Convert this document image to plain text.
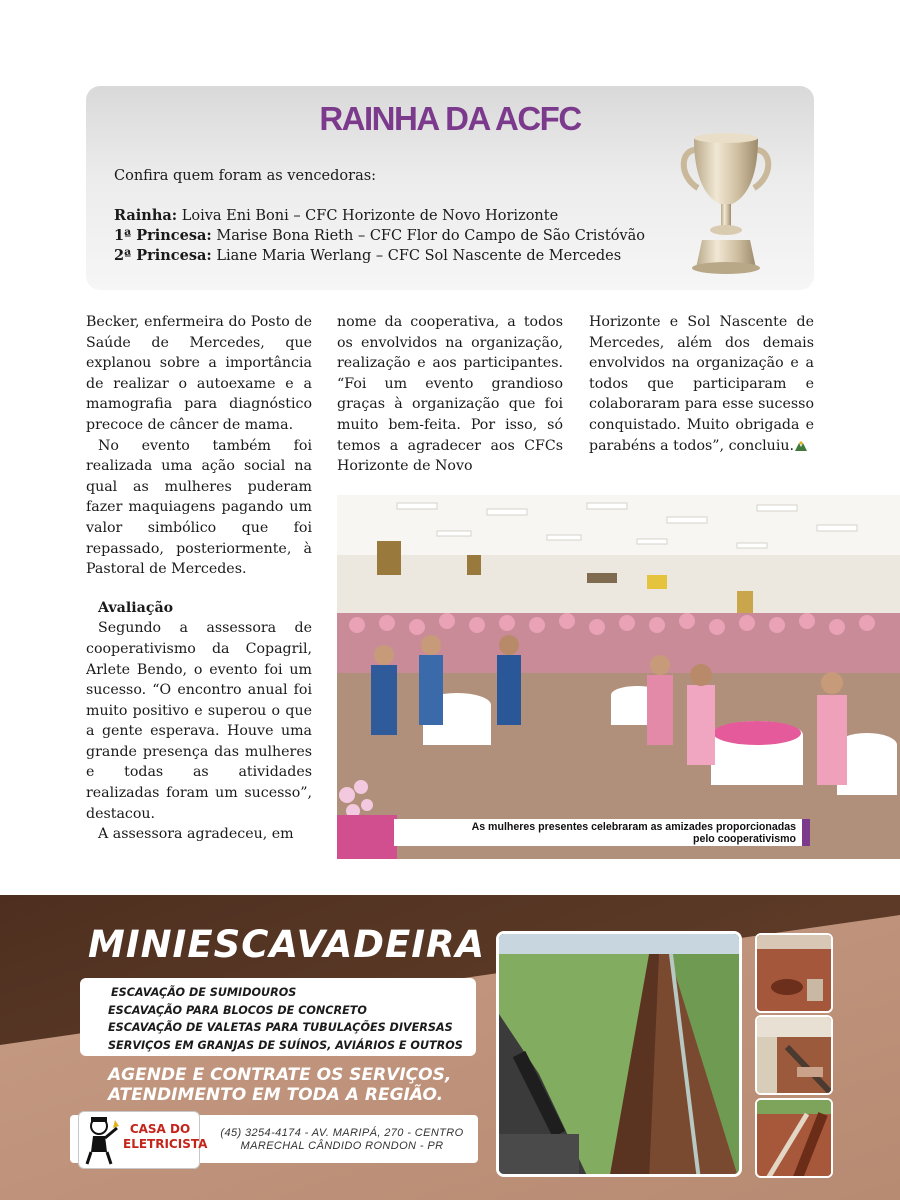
RAINHA DA ACFC

Confira quem foram as vencedoras:

Rainha: Loiva Eni Boni – CFC Horizonte de Novo Horizonte
1ª Princesa: Marise Bona Rieth – CFC Flor do Campo de São Cristóvão
2ª Princesa: Liane Maria Werlang – CFC Sol Nascente de Mercedes

Becker, enfermeira do Posto de Saúde de Mercedes, que explanou sobre a importância de realizar o autoexame e a mamografia para diagnóstico precoce de câncer de mama.

No evento também foi realizada uma ação social na qual as mulheres puderam fazer maquiagens pagando um valor simbólico que foi repassado, posteriormente, à Pastoral de Mercedes.

Avaliação

Segundo a assessora de cooperativismo da Copagril, Arlete Bendo, o evento foi um sucesso. “O encontro anual foi muito positivo e superou o que a gente esperava. Houve uma grande presença das mulheres e todas as atividades realizadas foram um sucesso”, destacou.

A assessora agradeceu, em

nome da cooperativa, a todos os envolvidos na organização, realização e aos participantes. “Foi um evento grandioso graças à organização que foi muito bem-feita. Por isso, só temos a agradecer aos CFCs Horizonte de Novo

Horizonte e Sol Nascente de Mercedes, além dos demais envolvidos na organização e a todos que participaram e colaboraram para esse sucesso conquistado. Muito obrigada e parabéns a todos”, concluiu.

As mulheres presentes celebraram as amizades proporcionadas
pelo cooperativismo
MINIESCAVADEIRA
ESCAVAÇÃO DE SUMIDOUROS
ESCAVAÇÃO PARA BLOCOS DE CONCRETO
ESCAVAÇÃO DE VALETAS PARA TUBULAÇÕES DIVERSAS
SERVIÇOS EM GRANJAS DE SUÍNOS, AVIÁRIOS E OUTROS
AGENDE E CONTRATE OS SERVIÇOS,
ATENDIMENTO EM TODA A REGIÃO.
CASA DO
ELETRICISTA
(45) 3254-4174 - AV. MARIPÁ, 270 - CENTRO
MARECHAL CÂNDIDO RONDON - PR
